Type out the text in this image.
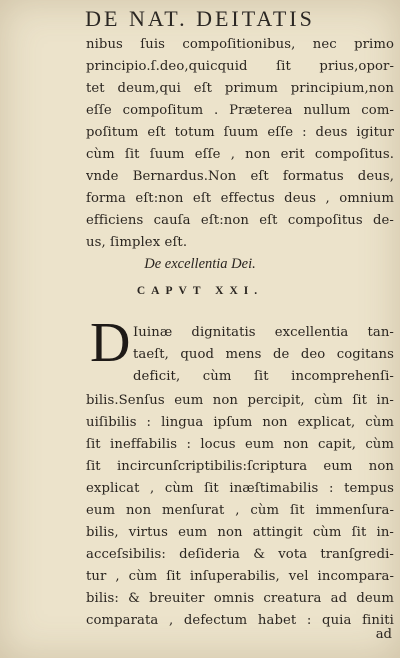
DE NAT. DEITATIS
nibus ſuis compoſitionibus, nec primo
principio.ſ.deo,quicquid ſit prius,opor-
tet deum,qui eſt primum principium,non
eſſe compoſitum . Præterea nullum com-
poſitum eſt totum ſuum eſſe : deus igitur
cùm ſit ſuum eſſe , non erit compoſitus.
vnde Bernardus.Non eſt formatus deus,
forma eſt:non eſt effectus deus , omnium
efficiens cauſa eſt:non eſt compoſitus de-
us, ſimplex eſt.
De excellentia Dei.
CAPVT XXI.
D Iuinæ dignitatis excellentia tan-
taeſt, quod mens de deo cogitans
deficit, cùm ſit incomprehenſi-
bilis.Senſus eum non percipit, cùm ſit in-
uiſibilis : lingua ipſum non explicat, cùm
ſit ineffabilis : locus eum non capit, cùm
ſit incircunſcriptibilis:ſcriptura eum non
explicat , cùm ſit inæſtimabilis : tempus
eum non menſurat , cùm ſit immenſura-
bilis, virtus eum non attingit cùm ſit in-
acceſsibilis: deſideria & vota tranſgredi-
tur , cùm ſit inſuperabilis, vel incompara-
bilis: & breuiter omnis creatura ad deum
comparata , defectum habet : quia finiti
ad
